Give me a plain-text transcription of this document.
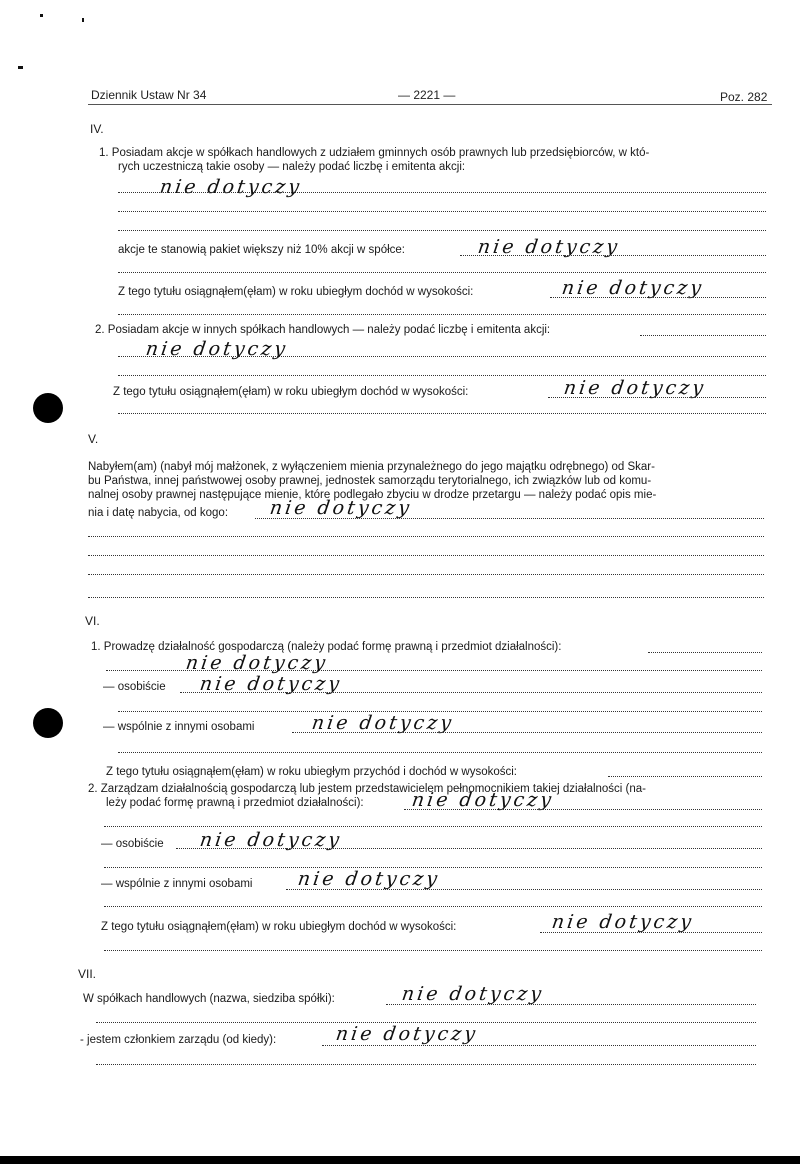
Dziennik Ustaw Nr 34	— 2221 —	Poz. 282
IV.
1. Posiadam akcje w spółkach handlowych z udziałem gminnych osób prawnych lub przedsiębiorców, w któ-
rych uczestniczą takie osoby — należy podać liczbę i emitenta akcji:
nie dotyczy
akcje te stanowią pakiet większy niż 10% akcji w spółce:	nie dotyczy
Z tego tytułu osiągnąłem(ęłam) w roku ubiegłym dochód w wysokości:	nie dotyczy
2. Posiadam akcje w innych spółkach handlowych — należy podać liczbę i emitenta akcji:
nie dotyczy
Z tego tytułu osiągnąłem(ęłam) w roku ubiegłym dochód w wysokości:	nie dotyczy
V.
Nabyłem(am) (nabył mój małżonek, z wyłączeniem mienia przynależnego do jego majątku odrębnego) od Skar-
bu Państwa, innej państwowej osoby prawnej, jednostek samorządu terytorialnego, ich związków lub od komu-
nalnej osoby prawnej następujące mienie, które podlegało zbyciu w drodze przetargu — należy podać opis mie-
nia i datę nabycia, od kogo: nie dotyczy
VI.
1. Prowadzę działalność gospodarczą (należy podać formę prawną i przedmiot działalności):
nie dotyczy
— osobiście nie dotyczy
— wspólnie z innymi osobami	nie dotyczy
Z tego tytułu osiągnąłem(ęłam) w roku ubiegłym przychód i dochód w wysokości:
2. Zarządzam działalnością gospodarczą lub jestem przedstawicielem pełnomocnikiem takiej działalności (na-
leży podać formę prawną i przedmiot działalności): nie dotyczy
— osobiście nie dotyczy
— wspólnie z innymi osobami nie dotyczy
Z tego tytułu osiągnąłem(ęłam) w roku ubiegłym dochód w wysokości:	nie dotyczy
VII.
W spółkach handlowych (nazwa, siedziba spółki):	nie dotyczy
- jestem członkiem zarządu (od kiedy):	nie dotyczy
